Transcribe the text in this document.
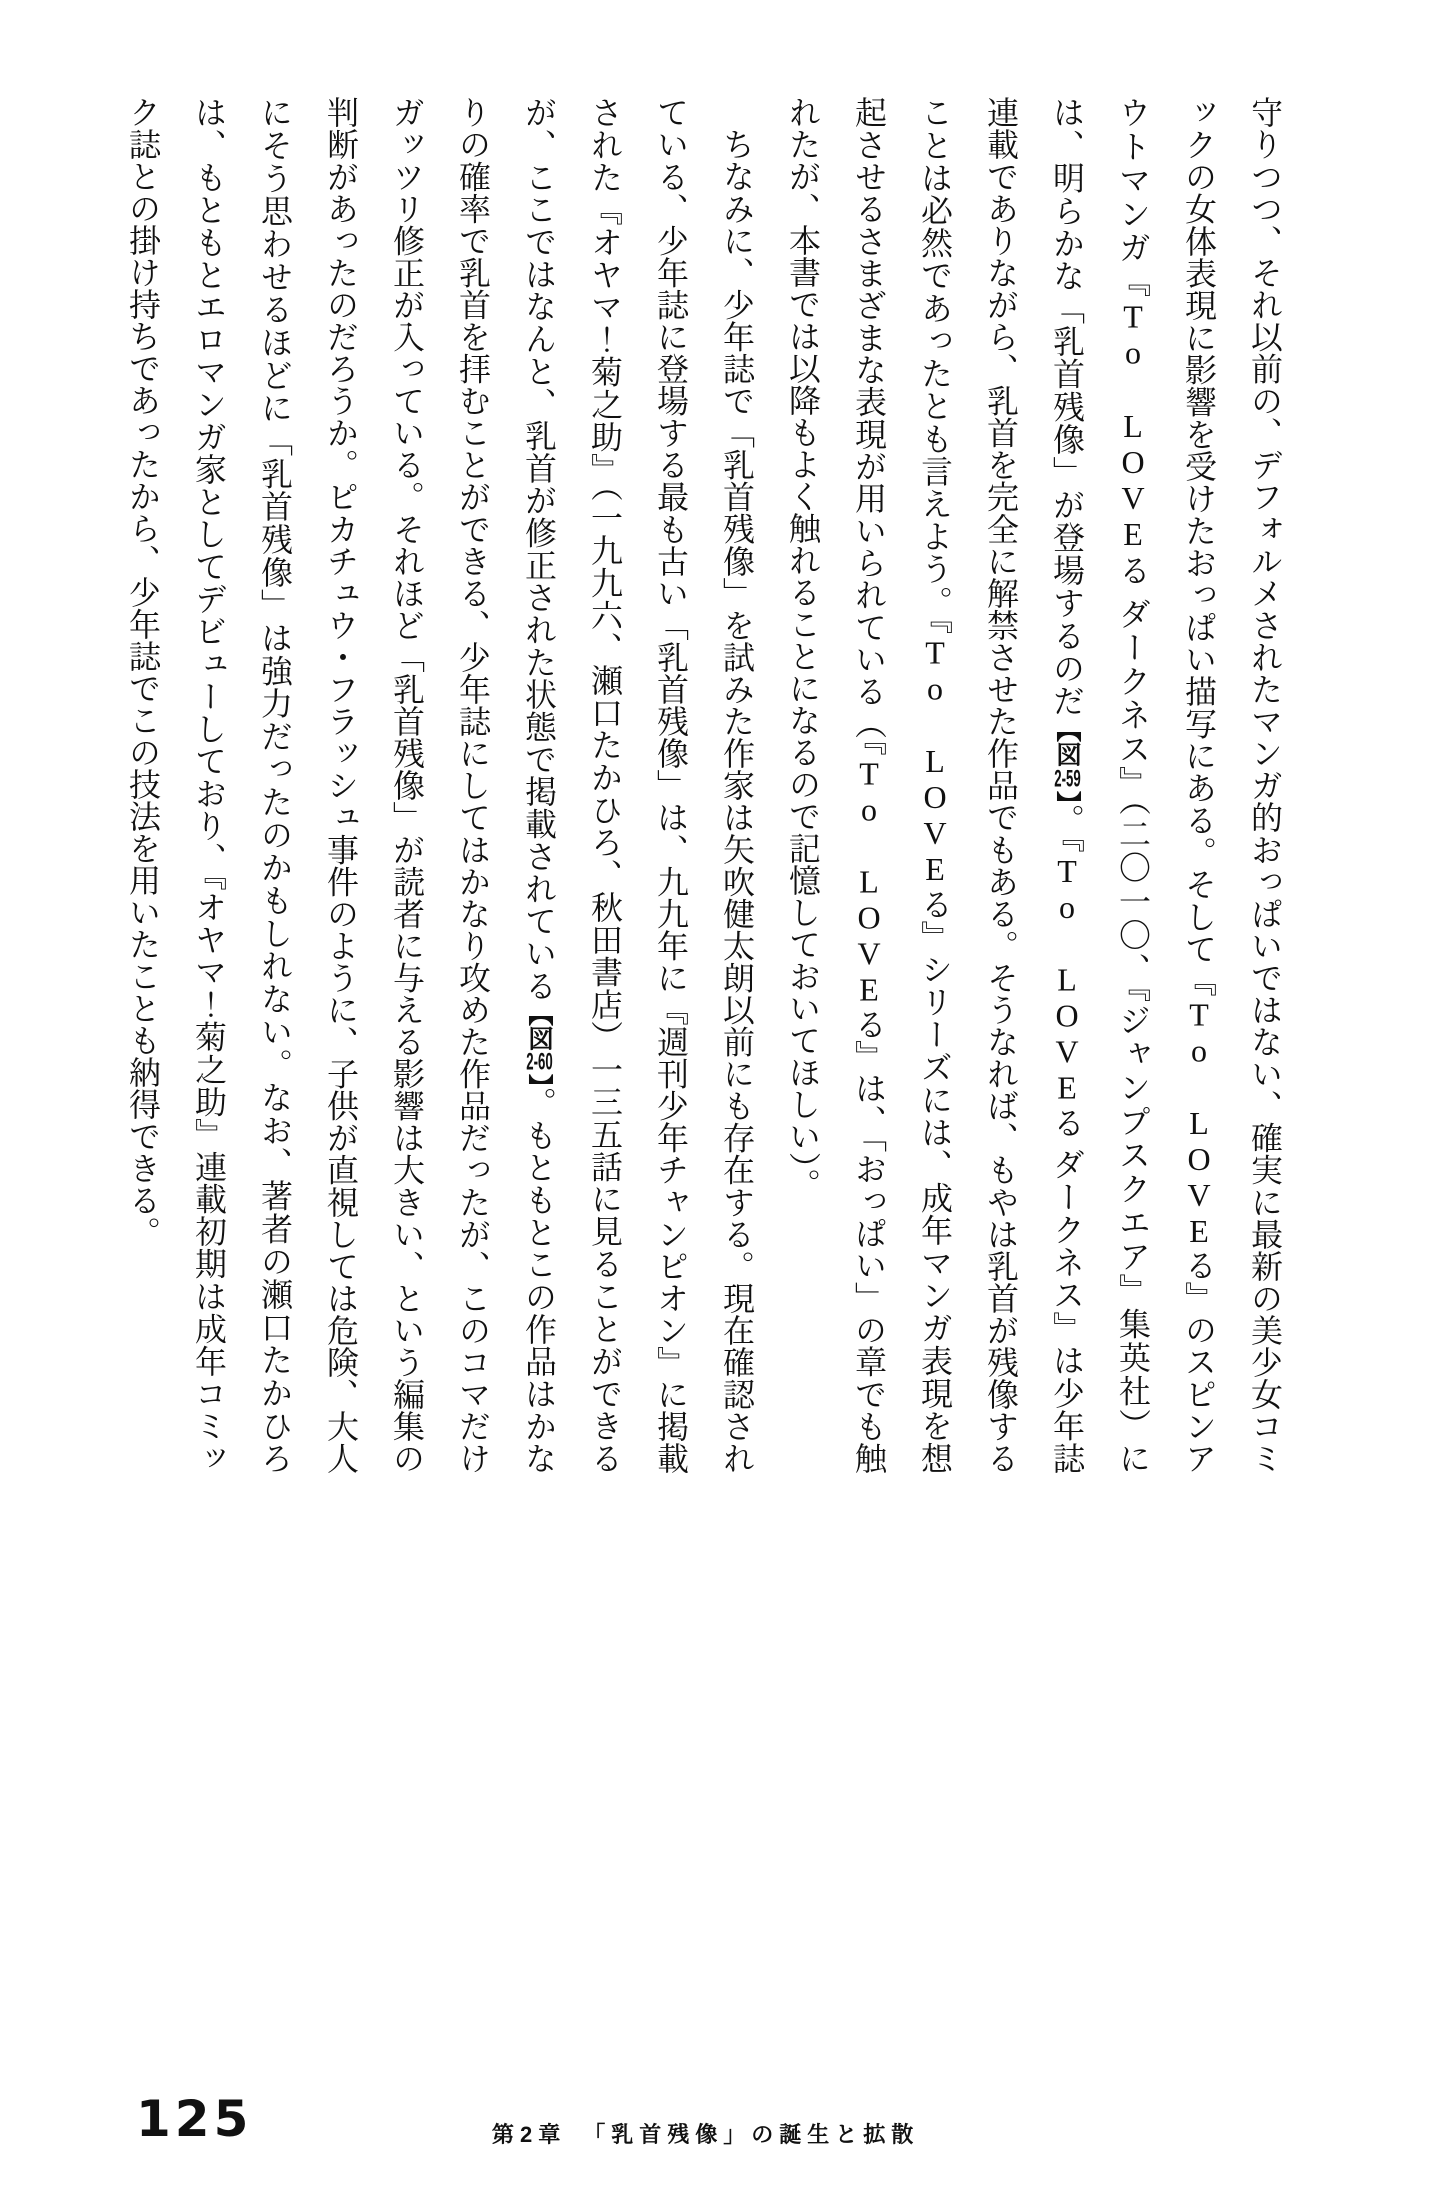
守りつつ、それ以前の、デフォルメされたマンガ的おっぱいではない、確実に最新の美少女コミックの女体表現に影響を受けたおっぱい描写にある。そして『To LOVEる』のスピンアウトマンガ『To LOVEる ダークネス』（二〇一〇、『ジャンプスクエア』集英社）には、明らかな「乳首残像」が登場するのだ【図2-59】。『To LOVEる ダークネス』は少年誌連載でありながら、乳首を完全に解禁させた作品でもある。そうなれば、もやは乳首が残像することは必然であったとも言えよう。『To LOVEる』シリーズには、成年マンガ表現を想起させるさまざまな表現が用いられている（『To LOVEる』は、「おっぱい」の章でも触れたが、本書では以降もよく触れることになるので記憶しておいてほしい）。

ちなみに、少年誌で「乳首残像」を試みた作家は矢吹健太朗以前にも存在する。現在確認されている、少年誌に登場する最も古い「乳首残像」は、九九年に『週刊少年チャンピオン』に掲載された『オヤマ！菊之助』（一九九六、瀬口たかひろ、秋田書店）一三五話に見ることができるが、ここではなんと、乳首が修正された状態で掲載されている【図2-60】。もともとこの作品はかなりの確率で乳首を拝むことができる、少年誌にしてはかなり攻めた作品だったが、このコマだけガッツリ修正が入っている。それほど「乳首残像」が読者に与える影響は大きい、という編集の判断があったのだろうか。ピカチュウ・フラッシュ事件のように、子供が直視しては危険、大人にそう思わせるほどに「乳首残像」は強力だったのかもしれない。なお、著者の瀬口たかひろは、もともとエロマンガ家としてデビューしており、『オヤマ！菊之助』連載初期は成年コミック誌との掛け持ちであったから、少年誌でこの技法を用いたことも納得できる。

125	第2章　「乳首残像」の誕生と拡散
